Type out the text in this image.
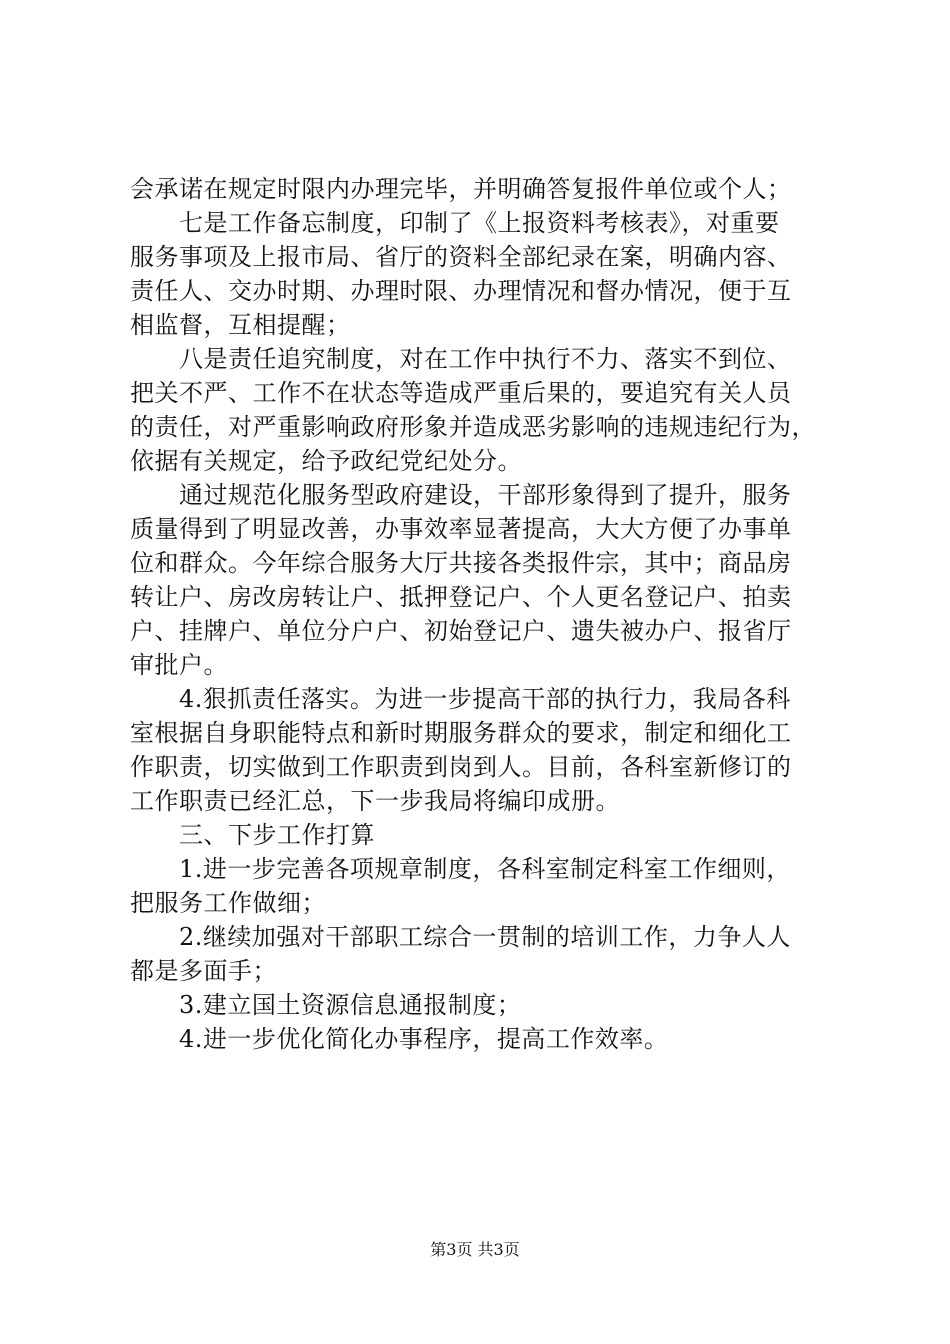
会承诺在规定时限内办理完毕，并明确答复报件单位或个人；
　　七是工作备忘制度，印制了《上报资料考核表》，对重要
服务事项及上报市局、省厅的资料全部纪录在案，明确内容、
责任人、交办时期、办理时限、办理情况和督办情况，便于互
相监督，互相提醒；
　　八是责任追究制度，对在工作中执行不力、落实不到位、
把关不严、工作不在状态等造成严重后果的，要追究有关人员
的责任，对严重影响政府形象并造成恶劣影响的违规违纪行为，
依据有关规定，给予政纪党纪处分。
　　通过规范化服务型政府建设，干部形象得到了提升，服务
质量得到了明显改善，办事效率显著提高，大大方便了办事单
位和群众。今年综合服务大厅共接各类报件宗，其中；商品房
转让户、房改房转让户、抵押登记户、个人更名登记户、拍卖
户、挂牌户、单位分户户、初始登记户、遗失被办户、报省厅
审批户。
　　4.狠抓责任落实。为进一步提高干部的执行力，我局各科
室根据自身职能特点和新时期服务群众的要求，制定和细化工
作职责，切实做到工作职责到岗到人。目前，各科室新修订的
工作职责已经汇总，下一步我局将编印成册。
　　三、下步工作打算
　　1.进一步完善各项规章制度，各科室制定科室工作细则，
把服务工作做细；
　　2.继续加强对干部职工综合一贯制的培训工作，力争人人
都是多面手；
　　3.建立国土资源信息通报制度；
　　4.进一步优化简化办事程序，提高工作效率。
第3页 共3页
